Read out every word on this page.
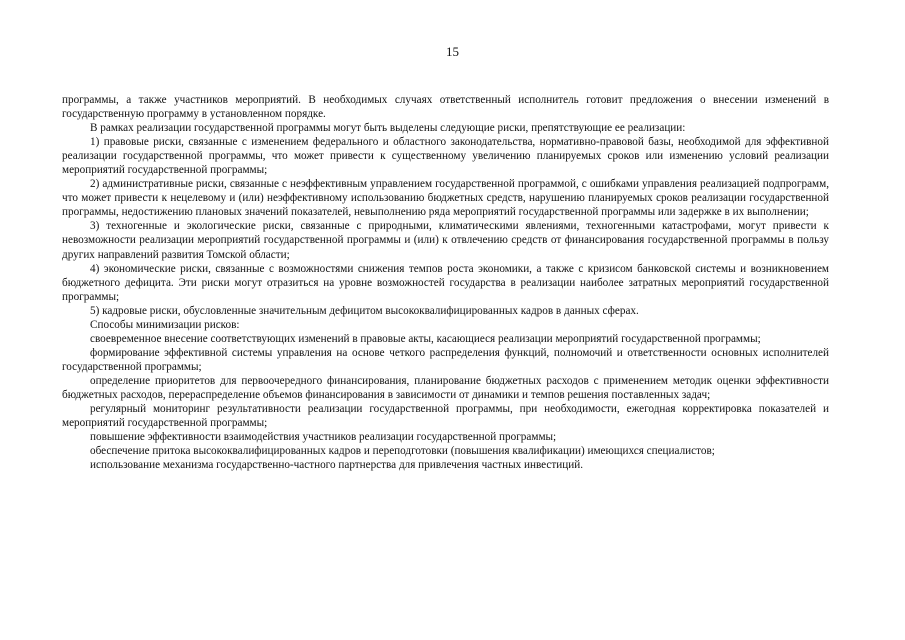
15

программы, а также участников мероприятий. В необходимых случаях ответственный исполнитель готовит предложения о внесении изменений в государственную программу в установленном порядке.

В рамках реализации государственной программы могут быть выделены следующие риски, препятствующие ее реализации:

1) правовые риски, связанные с изменением федерального и областного законодательства, нормативно-правовой базы, необходимой для эффективной реализации государственной программы, что может привести к существенному увеличению планируемых сроков или изменению условий реализации мероприятий государственной программы;

2) административные риски, связанные с неэффективным управлением государственной программой, с ошибками управления реализацией подпрограмм, что может привести к нецелевому и (или) неэффективному использованию бюджетных средств, нарушению планируемых сроков реализации государственной программы, недостижению плановых значений показателей, невыполнению ряда мероприятий государственной программы или задержке в их выполнении;

3) техногенные и экологические риски, связанные с природными, климатическими явлениями, техногенными катастрофами, могут привести к невозможности реализации мероприятий государственной программы и (или) к отвлечению средств от финансирования государственной программы в пользу других направлений развития Томской области;

4) экономические риски, связанные с возможностями снижения темпов роста экономики, а также с кризисом банковской системы и возникновением бюджетного дефицита. Эти риски могут отразиться на уровне возможностей государства в реализации наиболее затратных мероприятий государственной программы;

5) кадровые риски, обусловленные значительным дефицитом высококвалифицированных кадров в данных сферах.

Способы минимизации рисков:

своевременное внесение соответствующих изменений в правовые акты, касающиеся реализации мероприятий государственной программы;

формирование эффективной системы управления на основе четкого распределения функций, полномочий и ответственности основных исполнителей государственной программы;

определение приоритетов для первоочередного финансирования, планирование бюджетных расходов с применением методик оценки эффективности бюджетных расходов, перераспределение объемов финансирования в зависимости от динамики и темпов решения поставленных задач;

регулярный мониторинг результативности реализации государственной программы, при необходимости, ежегодная корректировка показателей и мероприятий государственной программы;

повышение эффективности взаимодействия участников реализации государственной программы;

обеспечение притока высококвалифицированных кадров и переподготовки (повышения квалификации) имеющихся специалистов;

использование механизма государственно-частного партнерства для привлечения частных инвестиций.
